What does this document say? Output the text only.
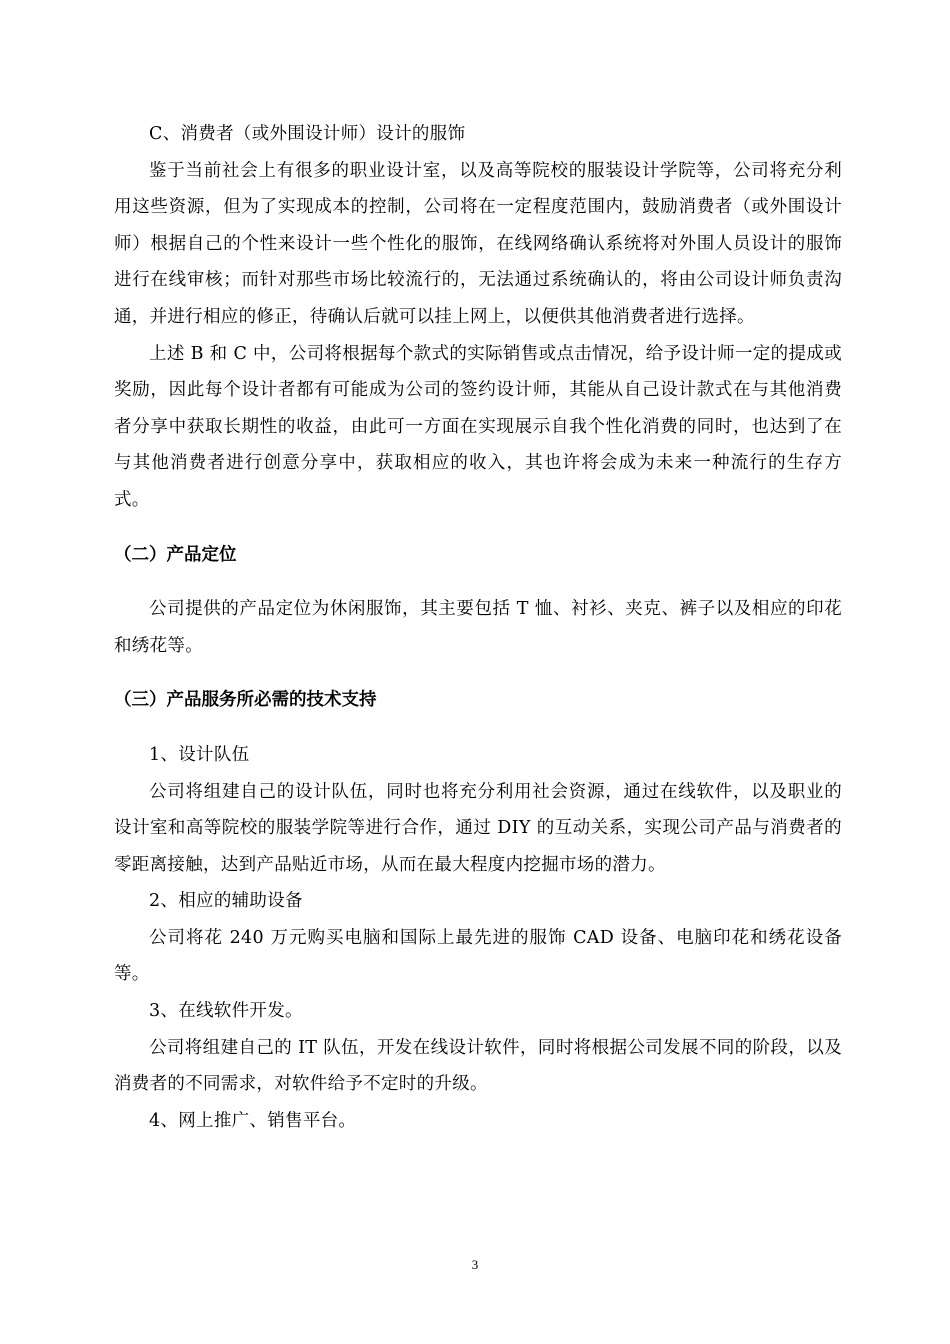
C、消费者（或外围设计师）设计的服饰

鉴于当前社会上有很多的职业设计室，以及高等院校的服装设计学院等，公司将充分利用这些资源，但为了实现成本的控制，公司将在一定程度范围内，鼓励消费者（或外围设计师）根据自己的个性来设计一些个性化的服饰，在线网络确认系统将对外围人员设计的服饰进行在线审核；而针对那些市场比较流行的，无法通过系统确认的，将由公司设计师负责沟通，并进行相应的修正，待确认后就可以挂上网上，以便供其他消费者进行选择。

上述 B 和 C 中，公司将根据每个款式的实际销售或点击情况，给予设计师一定的提成或奖励，因此每个设计者都有可能成为公司的签约设计师，其能从自己设计款式在与其他消费者分享中获取长期性的收益，由此可一方面在实现展示自我个性化消费的同时，也达到了在与其他消费者进行创意分享中，获取相应的收入，其也许将会成为未来一种流行的生存方式。

（二）产品定位

公司提供的产品定位为休闲服饰，其主要包括 T 恤、衬衫、夹克、裤子以及相应的印花和绣花等。

（三）产品服务所必需的技术支持

1、设计队伍

公司将组建自己的设计队伍，同时也将充分利用社会资源，通过在线软件，以及职业的设计室和高等院校的服装学院等进行合作，通过 DIY 的互动关系，实现公司产品与消费者的零距离接触，达到产品贴近市场，从而在最大程度内挖掘市场的潜力。

2、相应的辅助设备

公司将花 240 万元购买电脑和国际上最先进的服饰 CAD 设备、电脑印花和绣花设备等。

3、在线软件开发。

公司将组建自己的 IT 队伍，开发在线设计软件，同时将根据公司发展不同的阶段，以及消费者的不同需求，对软件给予不定时的升级。

4、网上推广、销售平台。

3
